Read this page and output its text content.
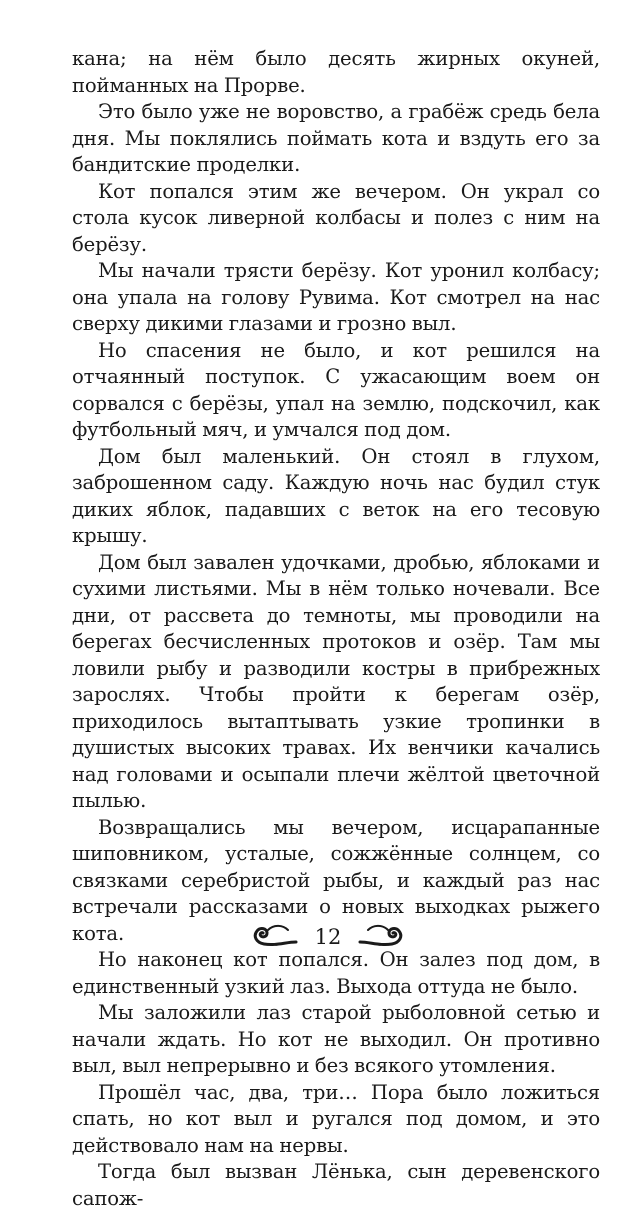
кана; на нём было десять жирных окуней, пойманных на Прорве.

Это было уже не воровство, а грабёж средь бела дня. Мы поклялись поймать кота и вздуть его за бандитские проделки.

Кот попался этим же вечером. Он украл со стола кусок ливерной колбасы и полез с ним на берёзу.

Мы начали трясти берёзу. Кот уронил колбасу; она упала на голову Рувима. Кот смотрел на нас сверху дикими глазами и грозно выл.

Но спасения не было, и кот решился на отчаянный поступок. С ужасающим воем он сорвался с берёзы, упал на землю, подскочил, как футбольный мяч, и умчался под дом.

Дом был маленький. Он стоял в глухом, заброшенном саду. Каждую ночь нас будил стук диких яблок, падавших с веток на его тесовую крышу.

Дом был завален удочками, дробью, яблоками и сухими листьями. Мы в нём только ночевали. Все дни, от рассвета до темноты, мы проводили на берегах бесчисленных протоков и озёр. Там мы ловили рыбу и разводили костры в прибрежных зарослях. Чтобы пройти к берегам озёр, приходилось вытаптывать узкие тропинки в душистых высоких травах. Их венчики качались над головами и осыпали плечи жёлтой цветочной пылью.

Возвращались мы вечером, исцарапанные шиповником, усталые, сожжённые солнцем, со связками серебристой рыбы, и каждый раз нас встречали рассказами о новых выходках рыжего кота.

Но наконец кот попался. Он залез под дом, в единственный узкий лаз. Выхода оттуда не было.

Мы заложили лаз старой рыболовной сетью и начали ждать. Но кот не выходил. Он противно выл, выл непрерывно и без всякого утомления.

Прошёл час, два, три… Пора было ложиться спать, но кот выл и ругался под домом, и это действовало нам на нервы.

Тогда был вызван Лёнька, сын деревенского сапож-

12
